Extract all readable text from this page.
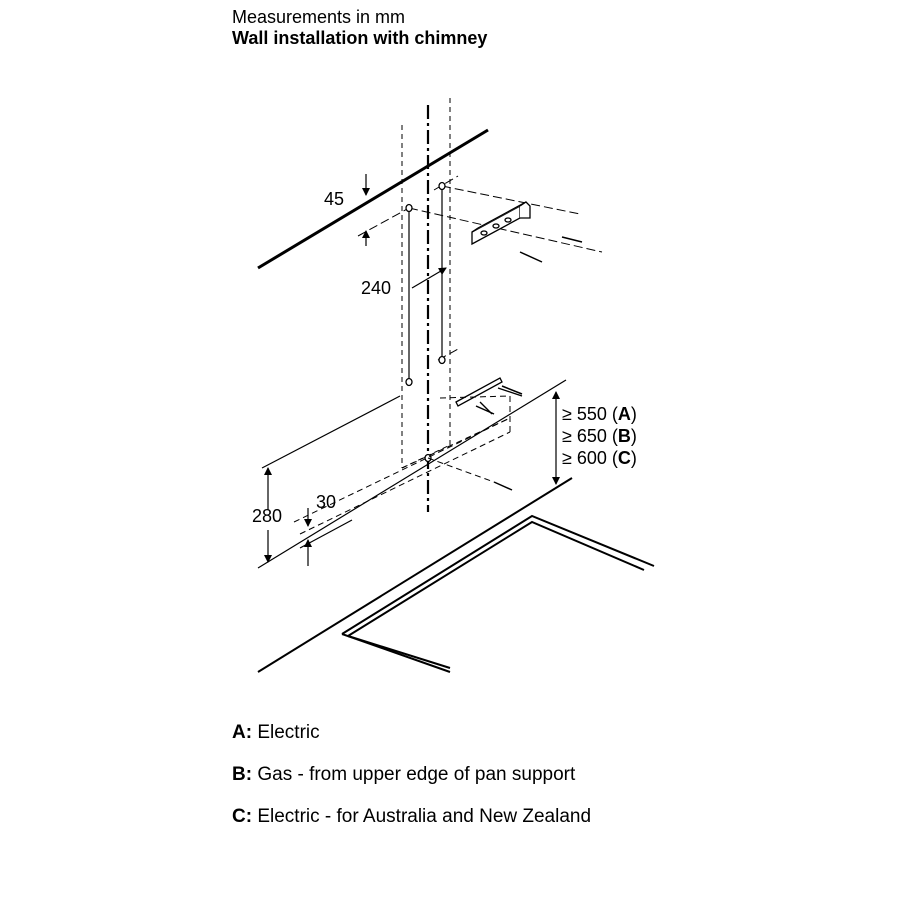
Measurements in mm
Wall installation with chimney
45
240
280
30
≥ 550 (A)
≥ 650 (B)
≥ 600 (C)
A: Electric
B: Gas - from upper edge of pan support
C: Electric - for Australia and New Zealand
